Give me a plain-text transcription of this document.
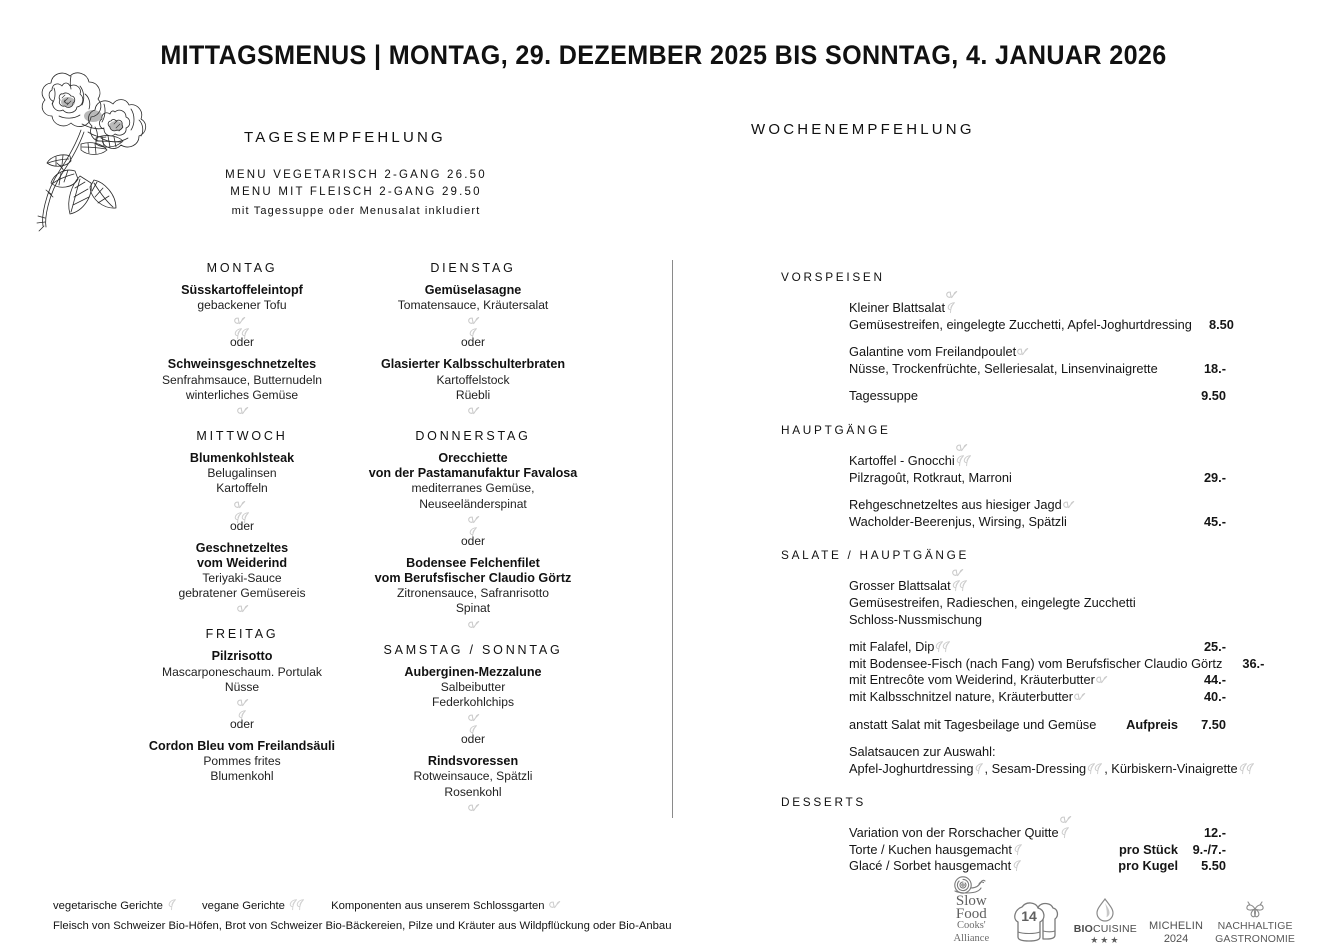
MITTAGSMENUS | MONTAG, 29. DEZEMBER 2025 BIS SONNTAG, 4. JANUAR 2026
TAGESEMPFEHLUNG	WOCHENEMPFEHLUNG
MENU VEGETARISCH 2-GANG 26.50
MENU MIT FLEISCH 2-GANG 29.50
mit Tagessuppe oder Menusalat inkludiert
MONTAG
Süsskartoffeleintopf
gebackener Tofu
oder
Schweinsgeschnetzeltes
Senfrahmsauce, Butternudeln
winterliches Gemüse
MITTWOCH
Blumenkohlsteak
Belugalinsen
Kartoffeln
oder
Geschnetzeltes
vom Weiderind
Teriyaki-Sauce
gebratener Gemüsereis
FREITAG
Pilzrisotto
Mascarponeschaum. Portulak
Nüsse
oder
Cordon Bleu vom Freilandsäuli
Pommes frites
Blumenkohl
DIENSTAG
Gemüselasagne
Tomatensauce, Kräutersalat
oder
Glasierter Kalbsschulterbraten
Kartoffelstock
Rüebli
DONNERSTAG
Orecchiette
von der Pastamanufaktur Favalosa
mediterranes Gemüse, Neuseeländerspinat
oder
Bodensee Felchenfilet
vom Berufsfischer Claudio Görtz
Zitronensauce, Safranrisotto
Spinat
SAMSTAG / SONNTAG
Auberginen-Mezzalune
Salbeibutter
Federkohlchips
oder
Rindsvoressen
Rotweinsauce, Spätzli
Rosenkohl
VORSPEISEN
Kleiner Blattsalat
Gemüsestreifen, eingelegte Zucchetti, Apfel-Joghurtdressing	8.50
Galantine vom Freilandpoulet
Nüsse, Trockenfrüchte, Selleriesalat, Linsenvinaigrette	18.-
Tagessuppe	9.50
HAUPTGÄNGE
Kartoffel - Gnocchi
Pilzragoût, Rotkraut, Marroni	29.-
Rehgeschnetzeltes aus hiesiger Jagd
Wacholder-Beerenjus, Wirsing, Spätzli	45.-
SALATE / HAUPTGÄNGE
Grosser Blattsalat
Gemüsestreifen, Radieschen, eingelegte Zucchetti
Schloss-Nussmischung
mit Falafel, Dip	25.-
mit Bodensee-Fisch (nach Fang) vom Berufsfischer Claudio Görtz	36.-
mit Entrecôte vom Weiderind, Kräuterbutter	44.-
mit Kalbsschnitzel nature, Kräuterbutter	40.-
anstatt Salat mit Tagesbeilage und Gemüse Aufpreis	7.50
Salatsaucen zur Auswahl:
Apfel-Joghurtdressing , Sesam-Dressing , Kürbiskern-Vinaigrette
DESSERTS
Variation von der Rorschacher Quitte	12.-
Torte / Kuchen hausgemacht	pro Stück	9.-/7.-
Glacé / Sorbet hausgemacht	pro Kugel	5.50
vegetarische Gerichte	vegane Gerichte	Komponenten aus unserem Schlossgarten
Fleisch von Schweizer Bio-Höfen, Brot von Schweizer Bio-Bäckereien, Pilze und Kräuter aus Wildpflückung oder Bio-Anbau
Slow Food
Cooks' Alliance
14
BIOCUISINE
★★★
MICHELIN
2024
NACHHALTIGE
GASTRONOMIE
